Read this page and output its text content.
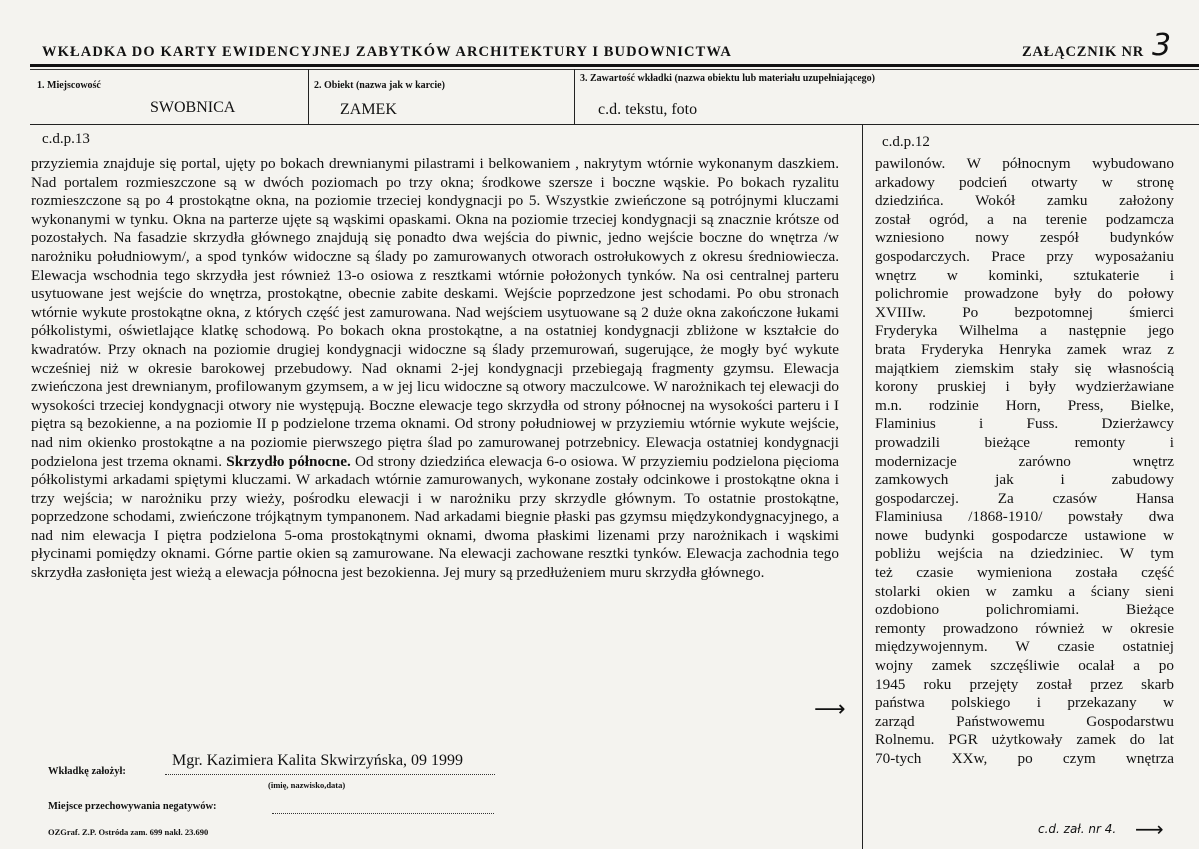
WKŁADKA DO KARTY EWIDENCYJNEJ ZABYTKÓW ARCHITEKTURY I BUDOWNICTWA	ZAŁĄCZNIK NR 3
1. Miejscowość
SWOBNICA
2. Obiekt (nazwa jak w karcie)
ZAMEK
3. Zawartość wkładki (nazwa obiektu lub materiału uzupełniającego)
c.d. tekstu, foto
c.d.p.13

przyziemia znajduje się portal, ujęty po bokach drewnianymi pilastrami i belkowaniem , nakrytym wtórnie wykonanym daszkiem. Nad portalem rozmieszczone są w dwóch poziomach po trzy okna; środkowe szersze i boczne wąskie. Po bokach ryzalitu rozmieszczone są po 4 prostokątne okna, na poziomie trzeciej kondygnacji po 5. Wszystkie zwieńczone są potrójnymi kluczami wykonanymi w tynku. Okna na parterze ujęte są wąskimi opaskami. Okna na poziomie trzeciej kondygnacji są znacznie krótsze od pozostałych. Na fasadzie skrzydła głównego znajdują się ponadto dwa wejścia do piwnic, jedno wejście boczne do wnętrza /w narożniku południowym/, a spod tynków widoczne są ślady po zamurowanych otworach ostrołukowych z okresu średniowiecza. Elewacja wschodnia tego skrzydła jest również 13-o osiowa z resztkami wtórnie położonych tynków. Na osi centralnej parteru usytuowane jest wejście do wnętrza, prostokątne, obecnie zabite deskami. Wejście poprzedzone jest schodami. Po obu stronach wtórnie wykute prostokątne okna, z których część jest zamurowana. Nad wejściem usytuowane są 2 duże okna zakończone łukami półkolistymi, oświetlające klatkę schodową. Po bokach okna prostokątne, a na ostatniej kondygnacji zbliżone w kształcie do kwadratów. Przy oknach na poziomie drugiej kondygnacji widoczne są ślady przemurowań, sugerujące, że mogły być wykute wcześniej niż w okresie barokowej przebudowy. Nad oknami 2-jej kondygnacji przebiegają fragmenty gzymsu. Elewacja zwieńczona jest drewnianym, profilowanym gzymsem, a w jej licu widoczne są otwory maczulcowe. W narożnikach tej elewacji do wysokości trzeciej kondygnacji otwory nie występują. Boczne elewacje tego skrzydła od strony północnej na wysokości parteru i I piętra są bezokienne, a na poziomie II p podzielone trzema oknami. Od strony południowej w przyziemiu wtórnie wykute wejście, nad nim okienko prostokątne a na poziomie pierwszego piętra ślad po zamurowanej potrzebnicy. Elewacja ostatniej kondygnacji podzielona jest trzema oknami. Skrzydło północne. Od strony dziedzińca elewacja 6-o osiowa. W przyziemiu podzielona pięcioma półkolistymi arkadami spiętymi kluczami. W arkadach wtórnie zamurowanych, wykonane zostały odcinkowe i prostokątne okna i trzy wejścia; w narożniku przy wieży, pośrodku elewacji i w narożniku przy skrzydle głównym. To ostatnie prostokątne, poprzedzone schodami, zwieńczone trójkątnym tympanonem. Nad arkadami biegnie płaski pas gzymsu międzykondygnacyjnego, a nad nim elewacja I piętra podzielona 5-oma prostokątnymi oknami, dwoma płaskimi lizenami przy narożnikach i wąskimi płycinami pomiędzy oknami. Górne partie okien są zamurowane. Na elewacji zachowane resztki tynków. Elewacja zachodnia tego skrzydła zasłonięta jest wieżą a elewacja północna jest bezokienna. Jej mury są przedłużeniem muru skrzydła głównego.

⟶
c.d.p.12
pawilonów. W północnym wybudowano
arkadowy podcień otwarty w stronę
dziedzińca. Wokół zamku założony
został ogród, a na terenie podzamcza
wzniesiono nowy zespół budynków
gospodarczych. Prace przy wyposażaniu
wnętrz w kominki, sztukaterie i
polichromie prowadzone były do połowy
XVIIIw. Po bezpotomnej śmierci
Fryderyka Wilhelma a następnie jego
brata Fryderyka Henryka zamek wraz z
majątkiem ziemskim stały się własnością
korony pruskiej i były wydzierżawiane
m.n. rodzinie Horn, Press, Bielke,
Flaminius i Fuss. Dzierżawcy
prowadzili bieżące remonty i
modernizacje zarówno wnętrz
zamkowych jak i zabudowy
gospodarczej. Za czasów Hansa
Flaminiusa /1868-1910/ powstały dwa
nowe budynki gospodarcze ustawione w
pobliżu wejścia na dziedziniec. W tym
też czasie wymieniona została część
stolarki okien w zamku a ściany sieni
ozdobiono polichromiami. Bieżące
remonty prowadzono również w okresie
międzywojennym. W czasie ostatniej
wojny zamek szczęśliwie ocalał a po
1945 roku przejęty został przez skarb
państwa polskiego i przekazany w
zarząd Państwowemu Gospodarstwu
Rolnemu. PGR użytkowały zamek do lat
70-tych XXw, po czym wnętrza
c.d. zał. nr 4. ⟶
Wkładkę założył:
Mgr. Kazimiera Kalita Skwirzyńska, 09 1999
(imię, nazwisko,data)
Miejsce przechowywania negatywów:
OZGraf. Z.P. Ostróda zam. 699 nakł. 23.690
